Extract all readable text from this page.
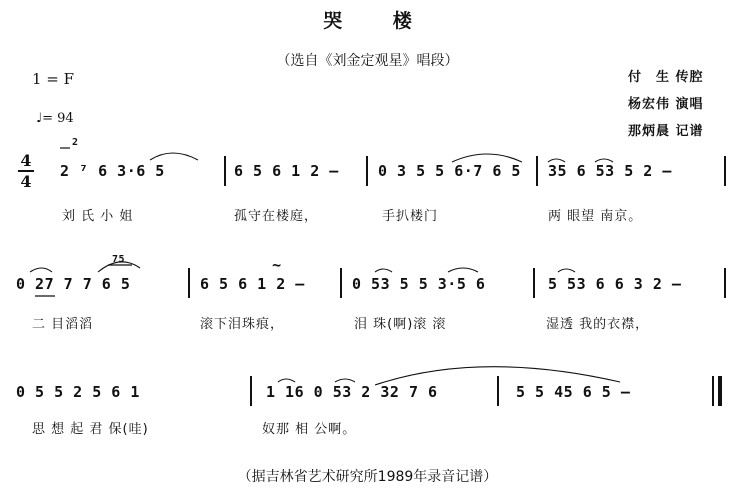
哭 楼
（选自《刘金定观星》唱段）
1 = F
♩= 94
付　生 传腔
杨宏伟 演唱
那炳晨 记谱
4
4
2
2 ⁷ 6 3·6 5	6 5 6 1 2 –	0 3 5 5 6·7 6 5 35 6 53 5 2 –
刘 氏 小 姐	孤守在楼庭，	手扒楼门	两 眼望 南京。
75
0 27 7 7 6 5
∼
6 5 6 1 2 –	0 53 5 5 3·5 6	5 53 6 6 3 2 –
二 目滔滔	滚下泪珠痕，	泪 珠(啊)滚 滚	湿透 我的衣襟，
0 5 5 2 5 6 1	1 16 0 53 2 32 7 6	5 5 45 6 5 –
思 想 起 君 保(哇)	奴那 相 公啊。
（据吉林省艺术研究所1989年录音记谱）
